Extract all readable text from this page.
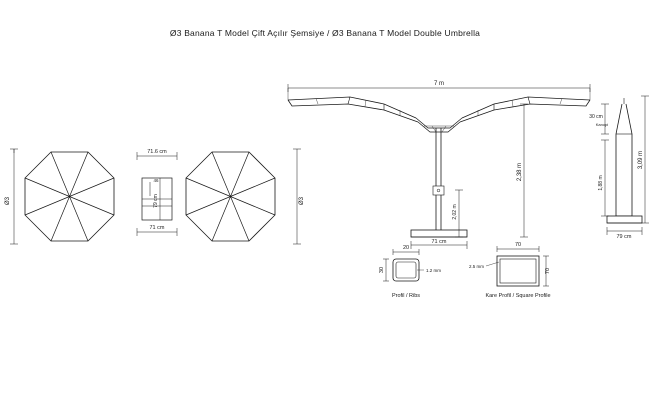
Ø3 Banana T Model Çift Açılır Şemsiye / Ø3 Banana T Model Double Umbrella
Ø3	Ø3
71.6 cm
46
79 cm
71 cm
7 m
71 cm
2,38 m
2,02 m
3,09 m
30 cm
Kanopi
1,88 m
79 cm
20
30	1.2 mm
Profil / Ribs
70
70
2.5 mm
Kare Profil / Square Profile
